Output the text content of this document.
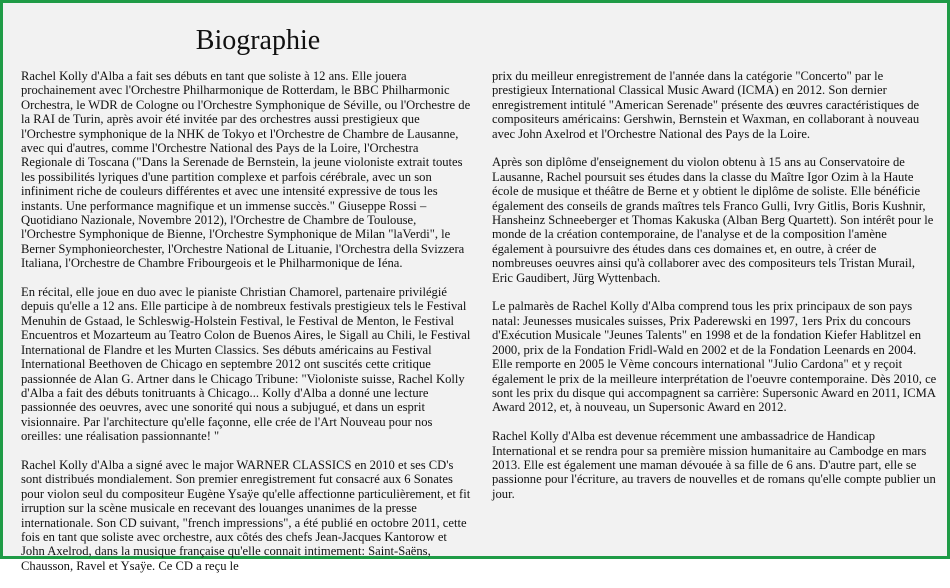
Biographie

Rachel Kolly d'Alba a fait ses débuts en tant que soliste à 12 ans. Elle jouera prochainement avec l'Orchestre Philharmonique de Rotterdam, le BBC Philharmonic Orchestra, le WDR de Cologne ou l'Orchestre Symphonique de Séville, ou l'Orchestre de la RAI de Turin, après avoir été invitée par des orchestres aussi prestigieux que l'Orchestre symphonique de la NHK de Tokyo et l'Orchestre de Chambre de Lausanne, avec qui d'autres, comme l'Orchestre National des Pays de la Loire, l'Orchestra Regionale di Toscana ("Dans la Serenade de Bernstein, la jeune violoniste extrait toutes les possibilités lyriques d'une partition complexe et parfois cérébrale, avec un son infiniment riche de couleurs différentes et avec une intensité expressive de tous les instants. Une performance magnifique et un immense succès." Giuseppe Rossi – Quotidiano Nazionale, Novembre 2012), l'Orchestre de Chambre de Toulouse, l'Orchestre Symphonique de Bienne, l'Orchestre Symphonique de Milan "laVerdi", le Berner Symphonieorchester, l'Orchestre National de Lituanie, l'Orchestra della Svizzera Italiana, l'Orchestre de Chambre Fribourgeois et le Philharmonique de Iéna.

En récital, elle joue en duo avec le pianiste Christian Chamorel, partenaire privilégié depuis qu'elle a 12 ans. Elle participe à de nombreux festivals prestigieux tels le Festival Menuhin de Gstaad, le Schleswig-Holstein Festival, le Festival de Menton, le Festival Encuentros et Mozarteum au Teatro Colon de Buenos Aires, le Sigall au Chili, le Festival International de Flandre et les Murten Classics. Ses débuts américains au Festival International Beethoven de Chicago en septembre 2012 ont suscités cette critique passionnée de Alan G. Artner dans le Chicago Tribune: "Violoniste suisse, Rachel Kolly d'Alba a fait des débuts tonitruants à Chicago... Kolly d'Alba a donné une lecture passionnée des oeuvres, avec une sonorité qui nous a subjugué, et dans un esprit visionnaire. Par l'architecture qu'elle façonne, elle crée de l'Art Nouveau pour nos oreilles: une réalisation passionnante! "

Rachel Kolly d'Alba a signé avec le major WARNER CLASSICS en 2010 et ses CD's sont distribués mondialement. Son premier enregistrement fut consacré aux 6 Sonates pour violon seul du compositeur Eugène Ysaÿe qu'elle affectionne particulièrement, et fit irruption sur la scène musicale en recevant des louanges unanimes de la presse internationale. Son CD suivant, "french impressions", a été publié en octobre 2011, cette fois en tant que soliste avec orchestre, aux côtés des chefs Jean-Jacques Kantorow et John Axelrod, dans la musique française qu'elle connait intimement: Saint-Saëns, Chausson, Ravel et Ysaÿe. Ce CD a reçu le

prix du meilleur enregistrement de l'année dans la catégorie "Concerto" par le prestigieux International Classical Music Award (ICMA) en 2012. Son dernier enregistrement intitulé "American Serenade" présente des œuvres caractéristiques de compositeurs américains: Gershwin, Bernstein et Waxman, en collaborant à nouveau avec John Axelrod et l'Orchestre National des Pays de la Loire.

Après son diplôme d'enseignement du violon obtenu à 15 ans au Conservatoire de Lausanne, Rachel poursuit ses études dans la classe du Maître Igor Ozim à la Haute école de musique et théâtre de Berne et y obtient le diplôme de soliste. Elle bénéficie également des conseils de grands maîtres tels Franco Gulli, Ivry Gitlis, Boris Kushnir, Hansheinz Schneeberger et Thomas Kakuska (Alban Berg Quartett). Son intérêt pour le monde de la création contemporaine, de l'analyse et de la composition l'amène également à poursuivre des études dans ces domaines et, en outre, à créer de nombreuses oeuvres ainsi qu'à collaborer avec des compositeurs tels Tristan Murail, Eric Gaudibert, Jürg Wyttenbach.

Le palmarès de Rachel Kolly d'Alba comprend tous les prix principaux de son pays natal: Jeunesses musicales suisses, Prix Paderewski en 1997, 1ers Prix du concours d'Exécution Musicale "Jeunes Talents" en 1998 et de la fondation Kiefer Hablitzel en 2000, prix de la Fondation Fridl-Wald en 2002 et de la Fondation Leenards en 2004. Elle remporte en 2005 le Vème concours international "Julio Cardona" et y reçoit également le prix de la meilleure interprétation de l'oeuvre contemporaine. Dès 2010, ce sont les prix du disque qui accompagnent sa carrière: Supersonic Award en 2011, ICMA Award 2012, et, à nouveau, un Supersonic Award en 2012.

Rachel Kolly d'Alba est devenue récemment une ambassadrice de Handicap International et se rendra pour sa première mission humanitaire au Cambodge en mars 2013. Elle est également une maman dévouée à sa fille de 6 ans. D'autre part, elle se passionne pour l'écriture, au travers de nouvelles et de romans qu'elle compte publier un jour.
